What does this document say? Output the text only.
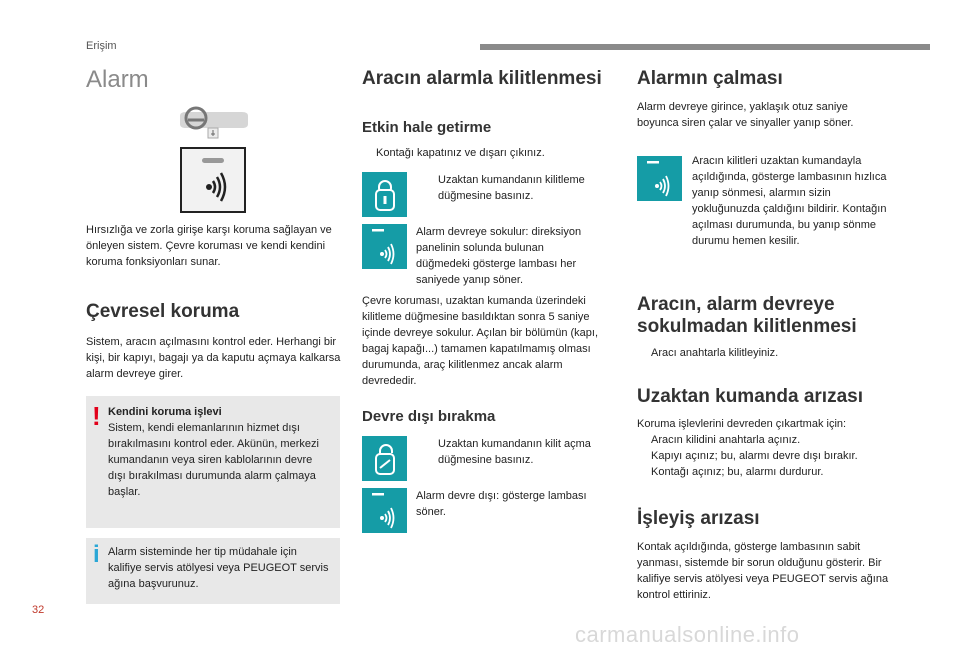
Erişim
Alarm
Hırsızlığa ve zorla girişe karşı koruma sağlayan ve önleyen sistem. Çevre koruması ve kendi kendini koruma fonksiyonları sunar.
Çevresel koruma
Sistem, aracın açılmasını kontrol eder. Herhangi bir kişi, bir kapıyı, bagajı ya da kaputu açmaya kalkarsa alarm devreye girer.
! Kendini koruma işlevi
Sistem, kendi elemanlarının hizmet dışı bırakılmasını kontrol eder. Akünün, merkezi kumandanın veya siren kablolarının devre dışı bırakılması durumunda alarm çalmaya başlar.
i Alarm sisteminde her tip müdahale için kalifiye servis atölyesi veya PEUGEOT servis ağına başvurunuz.
Aracın alarmla kilitlenmesi
Etkin hale getirme
Kontağı kapatınız ve dışarı çıkınız.
Uzaktan kumandanın kilitleme düğmesine basınız.
Alarm devreye sokulur: direksiyon panelinin solunda bulunan düğmedeki gösterge lambası her saniyede yanıp söner.
Çevre koruması, uzaktan kumanda üzerindeki kilitleme düğmesine basıldıktan sonra 5 saniye içinde devreye sokulur. Açılan bir bölümün (kapı, bagaj kapağı...) tamamen kapatılmamış olması durumunda, araç kilitlenmez ancak alarm devrededir.
Devre dışı bırakma
Uzaktan kumandanın kilit açma düğmesine basınız.
Alarm devre dışı: gösterge lambası söner.
Alarmın çalması
Alarm devreye girince, yaklaşık otuz saniye boyunca siren çalar ve sinyaller yanıp söner.
Aracın kilitleri uzaktan kumandayla açıldığında, gösterge lambasının hızlıca yanıp sönmesi, alarmın sizin yokluğunuzda çaldığını bildirir. Kontağın açılması durumunda, bu yanıp sönme durumu hemen kesilir.
Aracın, alarm devreye sokulmadan kilitlenmesi
Aracı anahtarla kilitleyiniz.
Uzaktan kumanda arızası
Koruma işlevlerini devreden çıkartmak için:
Aracın kilidini anahtarla açınız.
Kapıyı açınız; bu, alarmı devre dışı bırakır.
Kontağı açınız; bu, alarmı durdurur.
İşleyiş arızası
Kontak açıldığında, gösterge lambasının sabit yanması, sistemde bir sorun olduğunu gösterir. Bir kalifiye servis atölyesi veya PEUGEOT servis ağına kontrol ettiriniz.
32
carmanualsonline.info
